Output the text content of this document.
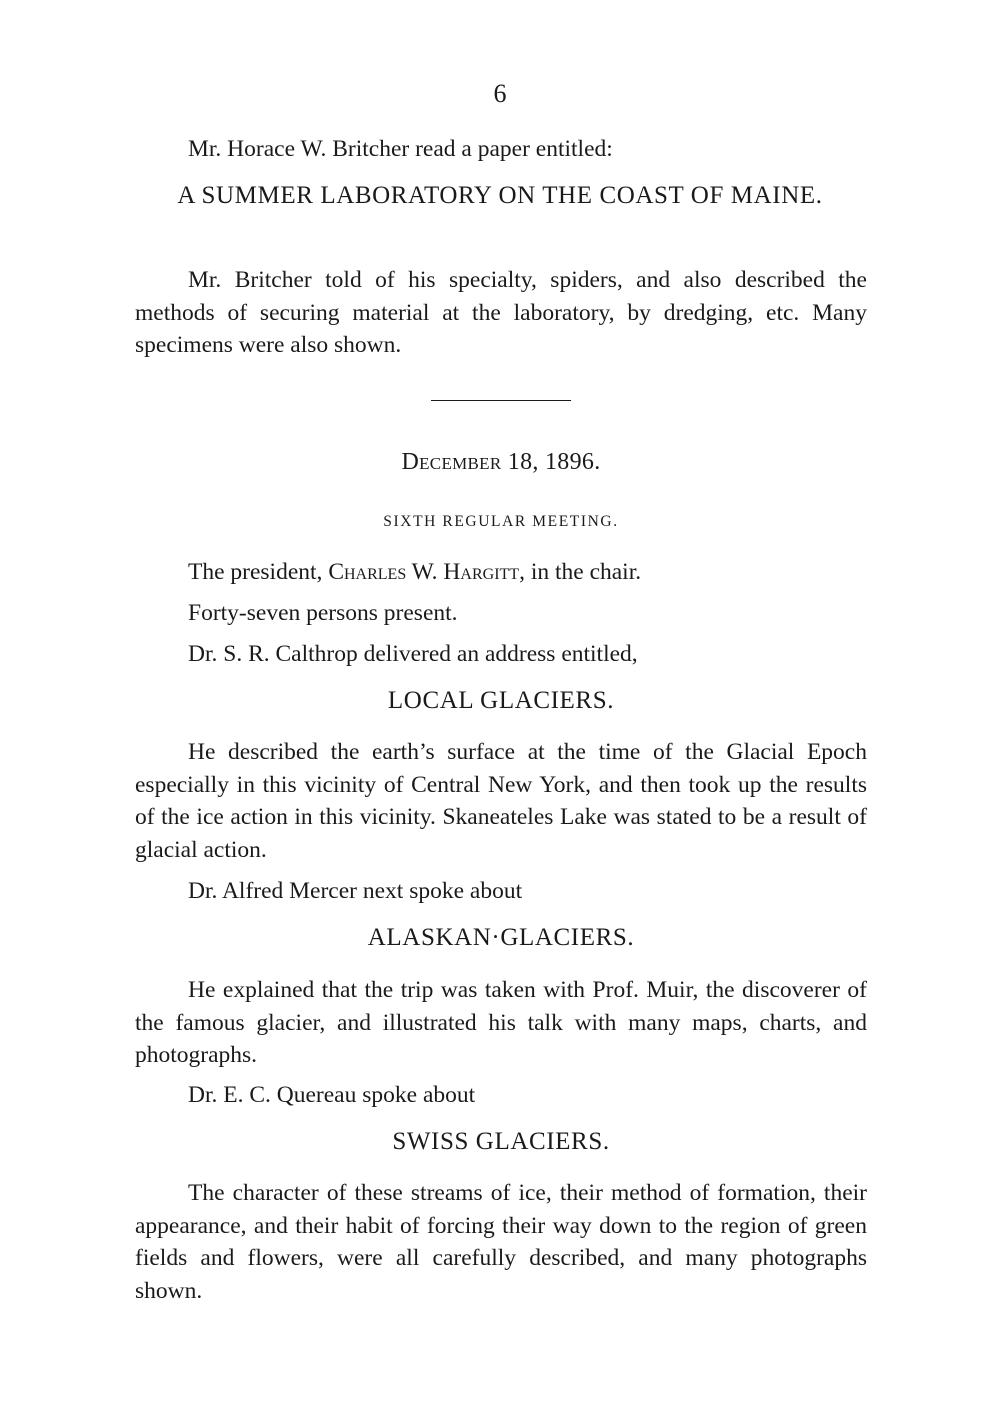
6
Mr. Horace W. Britcher read a paper entitled:
A SUMMER LABORATORY ON THE COAST OF MAINE.
Mr. Britcher told of his specialty, spiders, and also described the methods of securing material at the laboratory, by dredging, etc. Many specimens were also shown.
December 18, 1896.
SIXTH REGULAR MEETING.
The president, Charles W. Hargitt, in the chair.
Forty-seven persons present.
Dr. S. R. Calthrop delivered an address entitled,
LOCAL GLACIERS.
He described the earth’s surface at the time of the Glacial Epoch especially in this vicinity of Central New York, and then took up the results of the ice action in this vicinity. Skaneateles Lake was stated to be a result of glacial action.
Dr. Alfred Mercer next spoke about
ALASKAN·GLACIERS.
He explained that the trip was taken with Prof. Muir, the discoverer of the famous glacier, and illustrated his talk with many maps, charts, and photographs.
Dr. E. C. Quereau spoke about
SWISS GLACIERS.
The character of these streams of ice, their method of formation, their appearance, and their habit of forcing their way down to the region of green fields and flowers, were all carefully described, and many photographs shown.
